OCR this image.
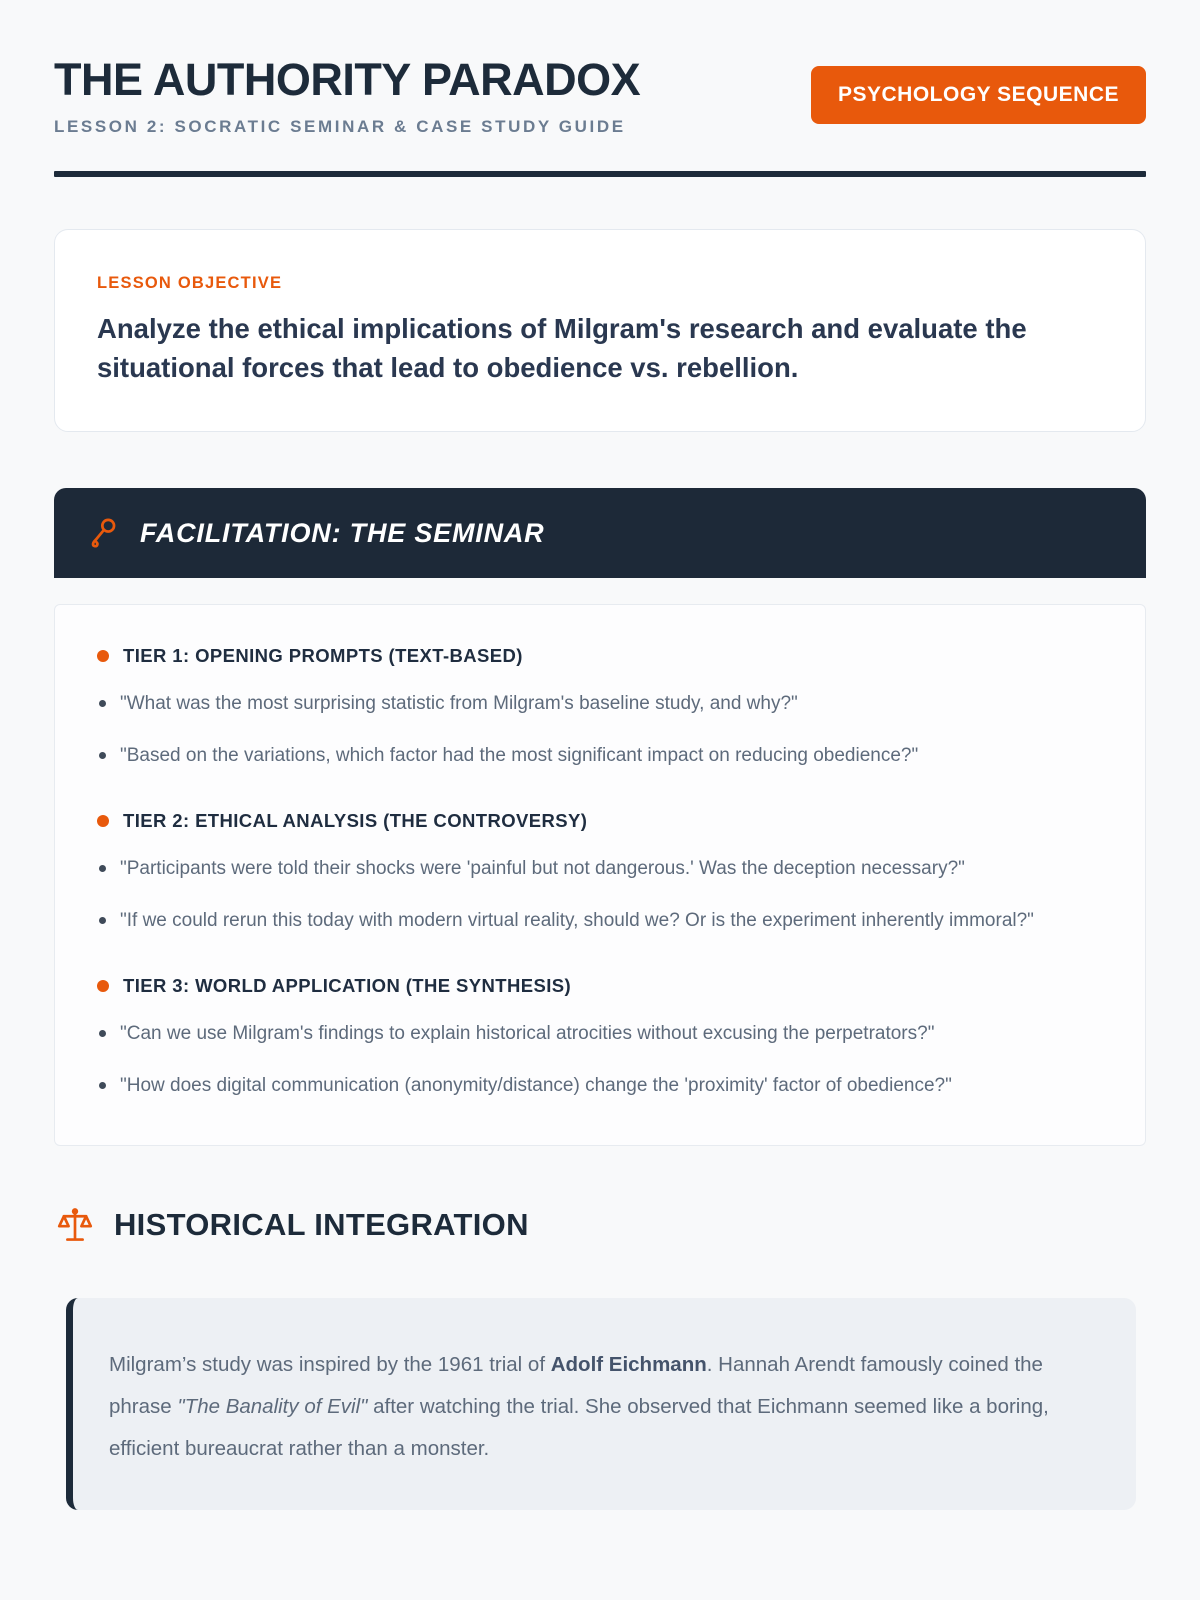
THE AUTHORITY PARADOX
LESSON 2: SOCRATIC SEMINAR & CASE STUDY GUIDE
PSYCHOLOGY SEQUENCE
LESSON OBJECTIVE
Analyze the ethical implications of Milgram's research and evaluate the situational forces that lead to obedience vs. rebellion.
FACILITATION: THE SEMINAR
TIER 1: OPENING PROMPTS (TEXT-BASED)
"What was the most surprising statistic from Milgram's baseline study, and why?"
"Based on the variations, which factor had the most significant impact on reducing obedience?"
TIER 2: ETHICAL ANALYSIS (THE CONTROVERSY)
"Participants were told their shocks were 'painful but not dangerous.' Was the deception necessary?"
"If we could rerun this today with modern virtual reality, should we? Or is the experiment inherently immoral?"
TIER 3: WORLD APPLICATION (THE SYNTHESIS)
"Can we use Milgram's findings to explain historical atrocities without excusing the perpetrators?"
"How does digital communication (anonymity/distance) change the 'proximity' factor of obedience?"
HISTORICAL INTEGRATION

Milgram’s study was inspired by the 1961 trial of Adolf Eichmann. Hannah Arendt famously coined the phrase "The Banality of Evil" after watching the trial. She observed that Eichmann seemed like a boring, efficient bureaucrat rather than a monster.
